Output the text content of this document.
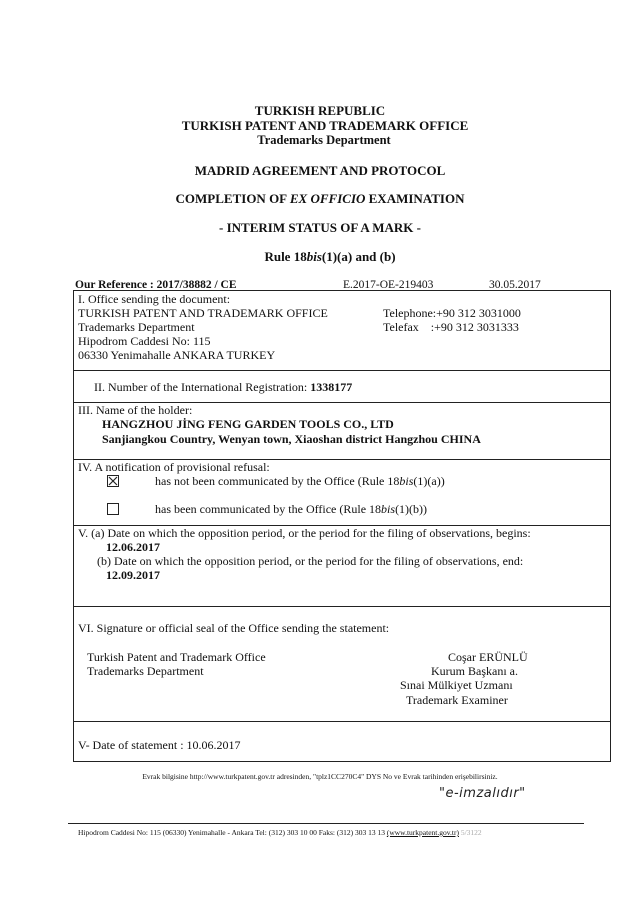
TURKISH REPUBLIC
TURKISH PATENT AND TRADEMARK OFFICE
Trademarks Department
MADRID AGREEMENT AND PROTOCOL
COMPLETION OF EX OFFICIO EXAMINATION
- INTERIM STATUS OF A MARK -
Rule 18bis(1)(a) and (b)
Our Reference : 2017/38882 / CE	E.2017-OE-219403	30.05.2017
I. Office sending the document:
TURKISH PATENT AND TRADEMARK OFFICE
Trademarks Department
Hipodrom Caddesi No: 115
06330 Yenimahalle ANKARA TURKEY
Telephone:+90 312 3031000
Telefax    :+90 312 3031333
II. Number of the International Registration: 1338177
III. Name of the holder:
HANGZHOU JİNG FENG GARDEN TOOLS CO., LTD
Sanjiangkou Country, Wenyan town, Xiaoshan district Hangzhou CHINA
IV. A notification of provisional refusal:
has not been communicated by the Office (Rule 18bis(1)(a))
has been communicated by the Office (Rule 18bis(1)(b))
V. (a) Date on which the opposition period, or the period for the filing of observations, begins:
12.06.2017
(b) Date on which the opposition period, or the period for the filing of observations, end:
12.09.2017
VI. Signature or official seal of the Office sending the statement:
Turkish Patent and Trademark Office
Trademarks Department
Coşar ERÜNLÜ
Kurum Başkanı a.
Sınai Mülkiyet Uzmanı
Trademark Examiner
V- Date of statement : 10.06.2017
Evrak bilgisine http://www.turkpatent.gov.tr adresinden, "tplz1CC270C4" DYS No ve Evrak tarihinden erişebilirsiniz.
"e-imzalıdır"
Hipodrom Caddesi No: 115 (06330) Yenimahalle - Ankara Tel: (312) 303 10 00 Faks: (312) 303 13 13 (www.turkpatent.gov.tr) 5/3122
